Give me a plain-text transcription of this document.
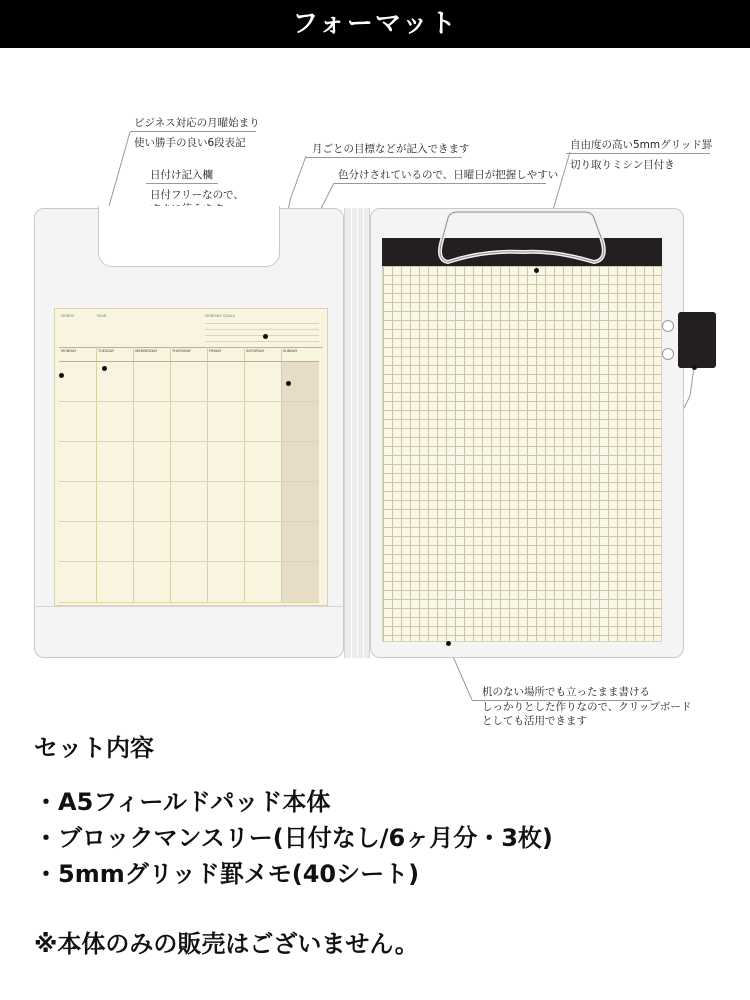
フォーマット
ビジネス対応の月曜始まり
使い勝手の良い6段表記
日付け記入欄
日付フリーなので、
月ごとの目標などが記入できます
色分けされているので、日曜日が把握しやすい
自由度の高い5mmグリッド罫
切り取りミシン目付き
机のない場所でも立ったまま書ける
しっかりとした作りなので、クリップボード
としても活用できます
MONTH	YEAR	MONTHLY GOALS
MONDAY	TUESDAY	WEDNESDAY	THURSDAY	FRIDAY	SATURDAY	SUNDAY
セット内容
・A5フィールドパッド本体
・ブロックマンスリー(日付なし/6ヶ月分・3枚)
・5mmグリッド罫メモ(40シート)
※本体のみの販売はございません。
